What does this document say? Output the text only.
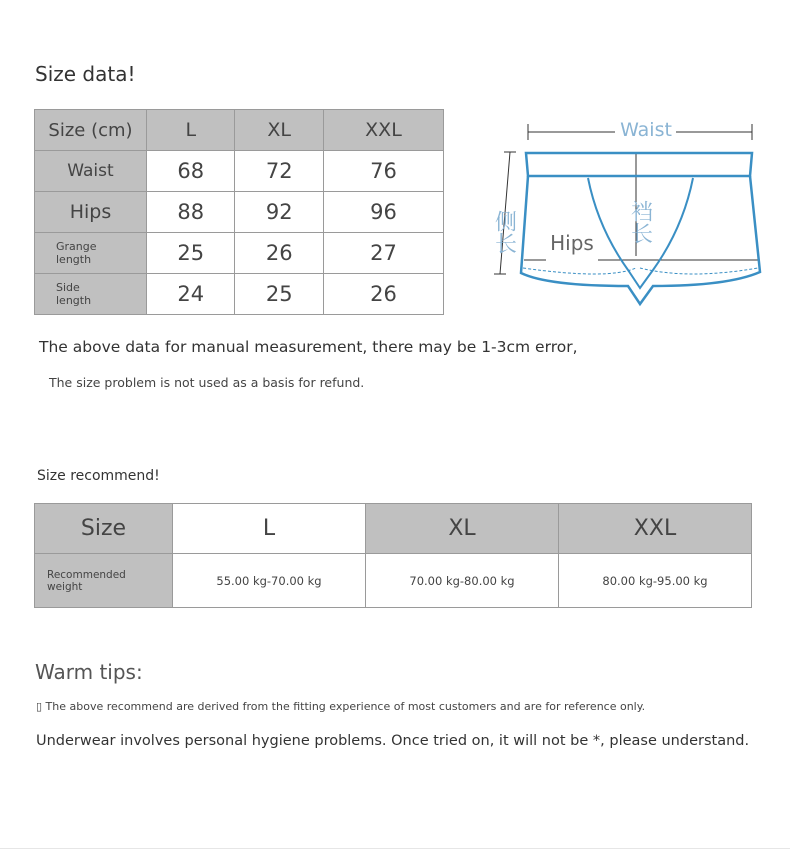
Size data!
Size (cm)	L	XL	XXL
Waist	68	72	76
Hips	88	92	96
Grange
length	25	26	27
Side
length	24	25	26
Waist
Hips
侧长	裆长
The above data for manual measurement, there may be 1-3cm error,
The size problem is not used as a basis for refund.
Size recommend!
Size	L	XL	XXL
Recommended
weight	55.00 kg-70.00 kg	70.00 kg-80.00 kg	80.00 kg-95.00 kg
Warm tips:
▯ The above recommend are derived from the fitting experience of most customers and are for reference only.
Underwear involves personal hygiene problems. Once tried on, it will not be *, please understand.
